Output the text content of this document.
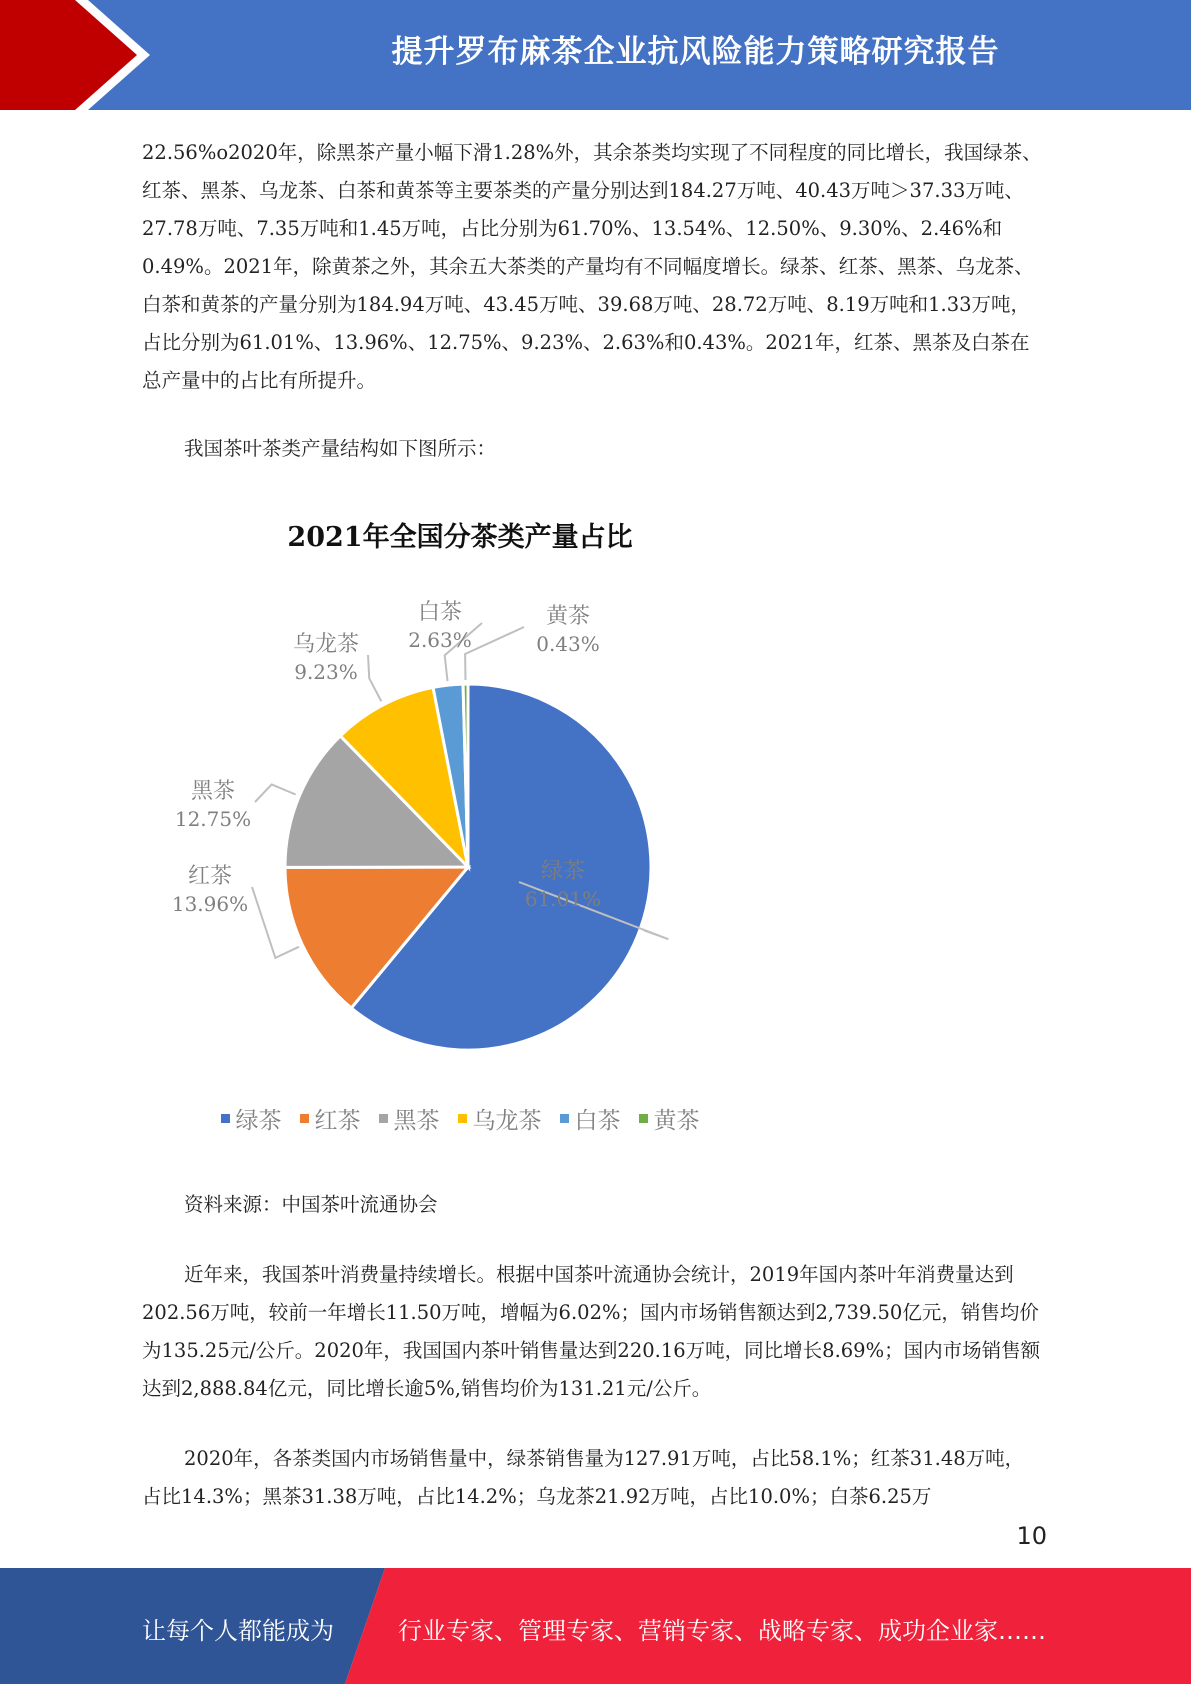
提升罗布麻茶企业抗风险能力策略研究报告

22.56%o2020年，除黑茶产量小幅下滑1.28%外，其余茶类均实现了不同程度的同比增长，我国绿茶、红茶、黑茶、乌龙茶、白茶和黄茶等主要茶类的产量分别达到184.27万吨、40.43万吨＞37.33万吨、27.78万吨、7.35万吨和1.45万吨，占比分别为61.70%、13.54%、12.50%、9.30%、2.46%和0.49%。2021年，除黄茶之外，其余五大茶类的产量均有不同幅度增长。绿茶、红茶、黑茶、乌龙茶、白茶和黄茶的产量分别为184.94万吨、43.45万吨、39.68万吨、28.72万吨、8.19万吨和1.33万吨，占比分别为61.01%、13.96%、12.75%、9.23%、2.63%和0.43%。2021年，红茶、黑茶及白茶在总产量中的占比有所提升。

我国茶叶茶类产量结构如下图所示：

2021年全国分茶类产量占比
绿茶
61.01%
红茶
13.96%
黑茶
12.75%
乌龙茶
9.23%
白茶
2.63%
黄茶
0.43%
绿茶 红茶 黑茶 乌龙茶 白茶 黄茶

资料来源：中国茶叶流通协会

近年来，我国茶叶消费量持续增长。根据中国茶叶流通协会统计，2019年国内茶叶年消费量达到202.56万吨，较前一年增长11.50万吨，增幅为6.02%；国内市场销售额达到2,739.50亿元，销售均价为135.25元/公斤。2020年，我国国内茶叶销售量达到220.16万吨，同比增长8.69%；国内市场销售额达到2,888.84亿元，同比增长逾5%,销售均价为131.21元/公斤。

2020年，各茶类国内市场销售量中，绿茶销售量为127.91万吨，占比58.1%；红茶31.48万吨，占比14.3%；黑茶31.38万吨，占比14.2%；乌龙茶21.92万吨，占比10.0%；白茶6.25万

10
让每个人都能成为	行业专家、管理专家、营销专家、战略专家、成功企业家……
